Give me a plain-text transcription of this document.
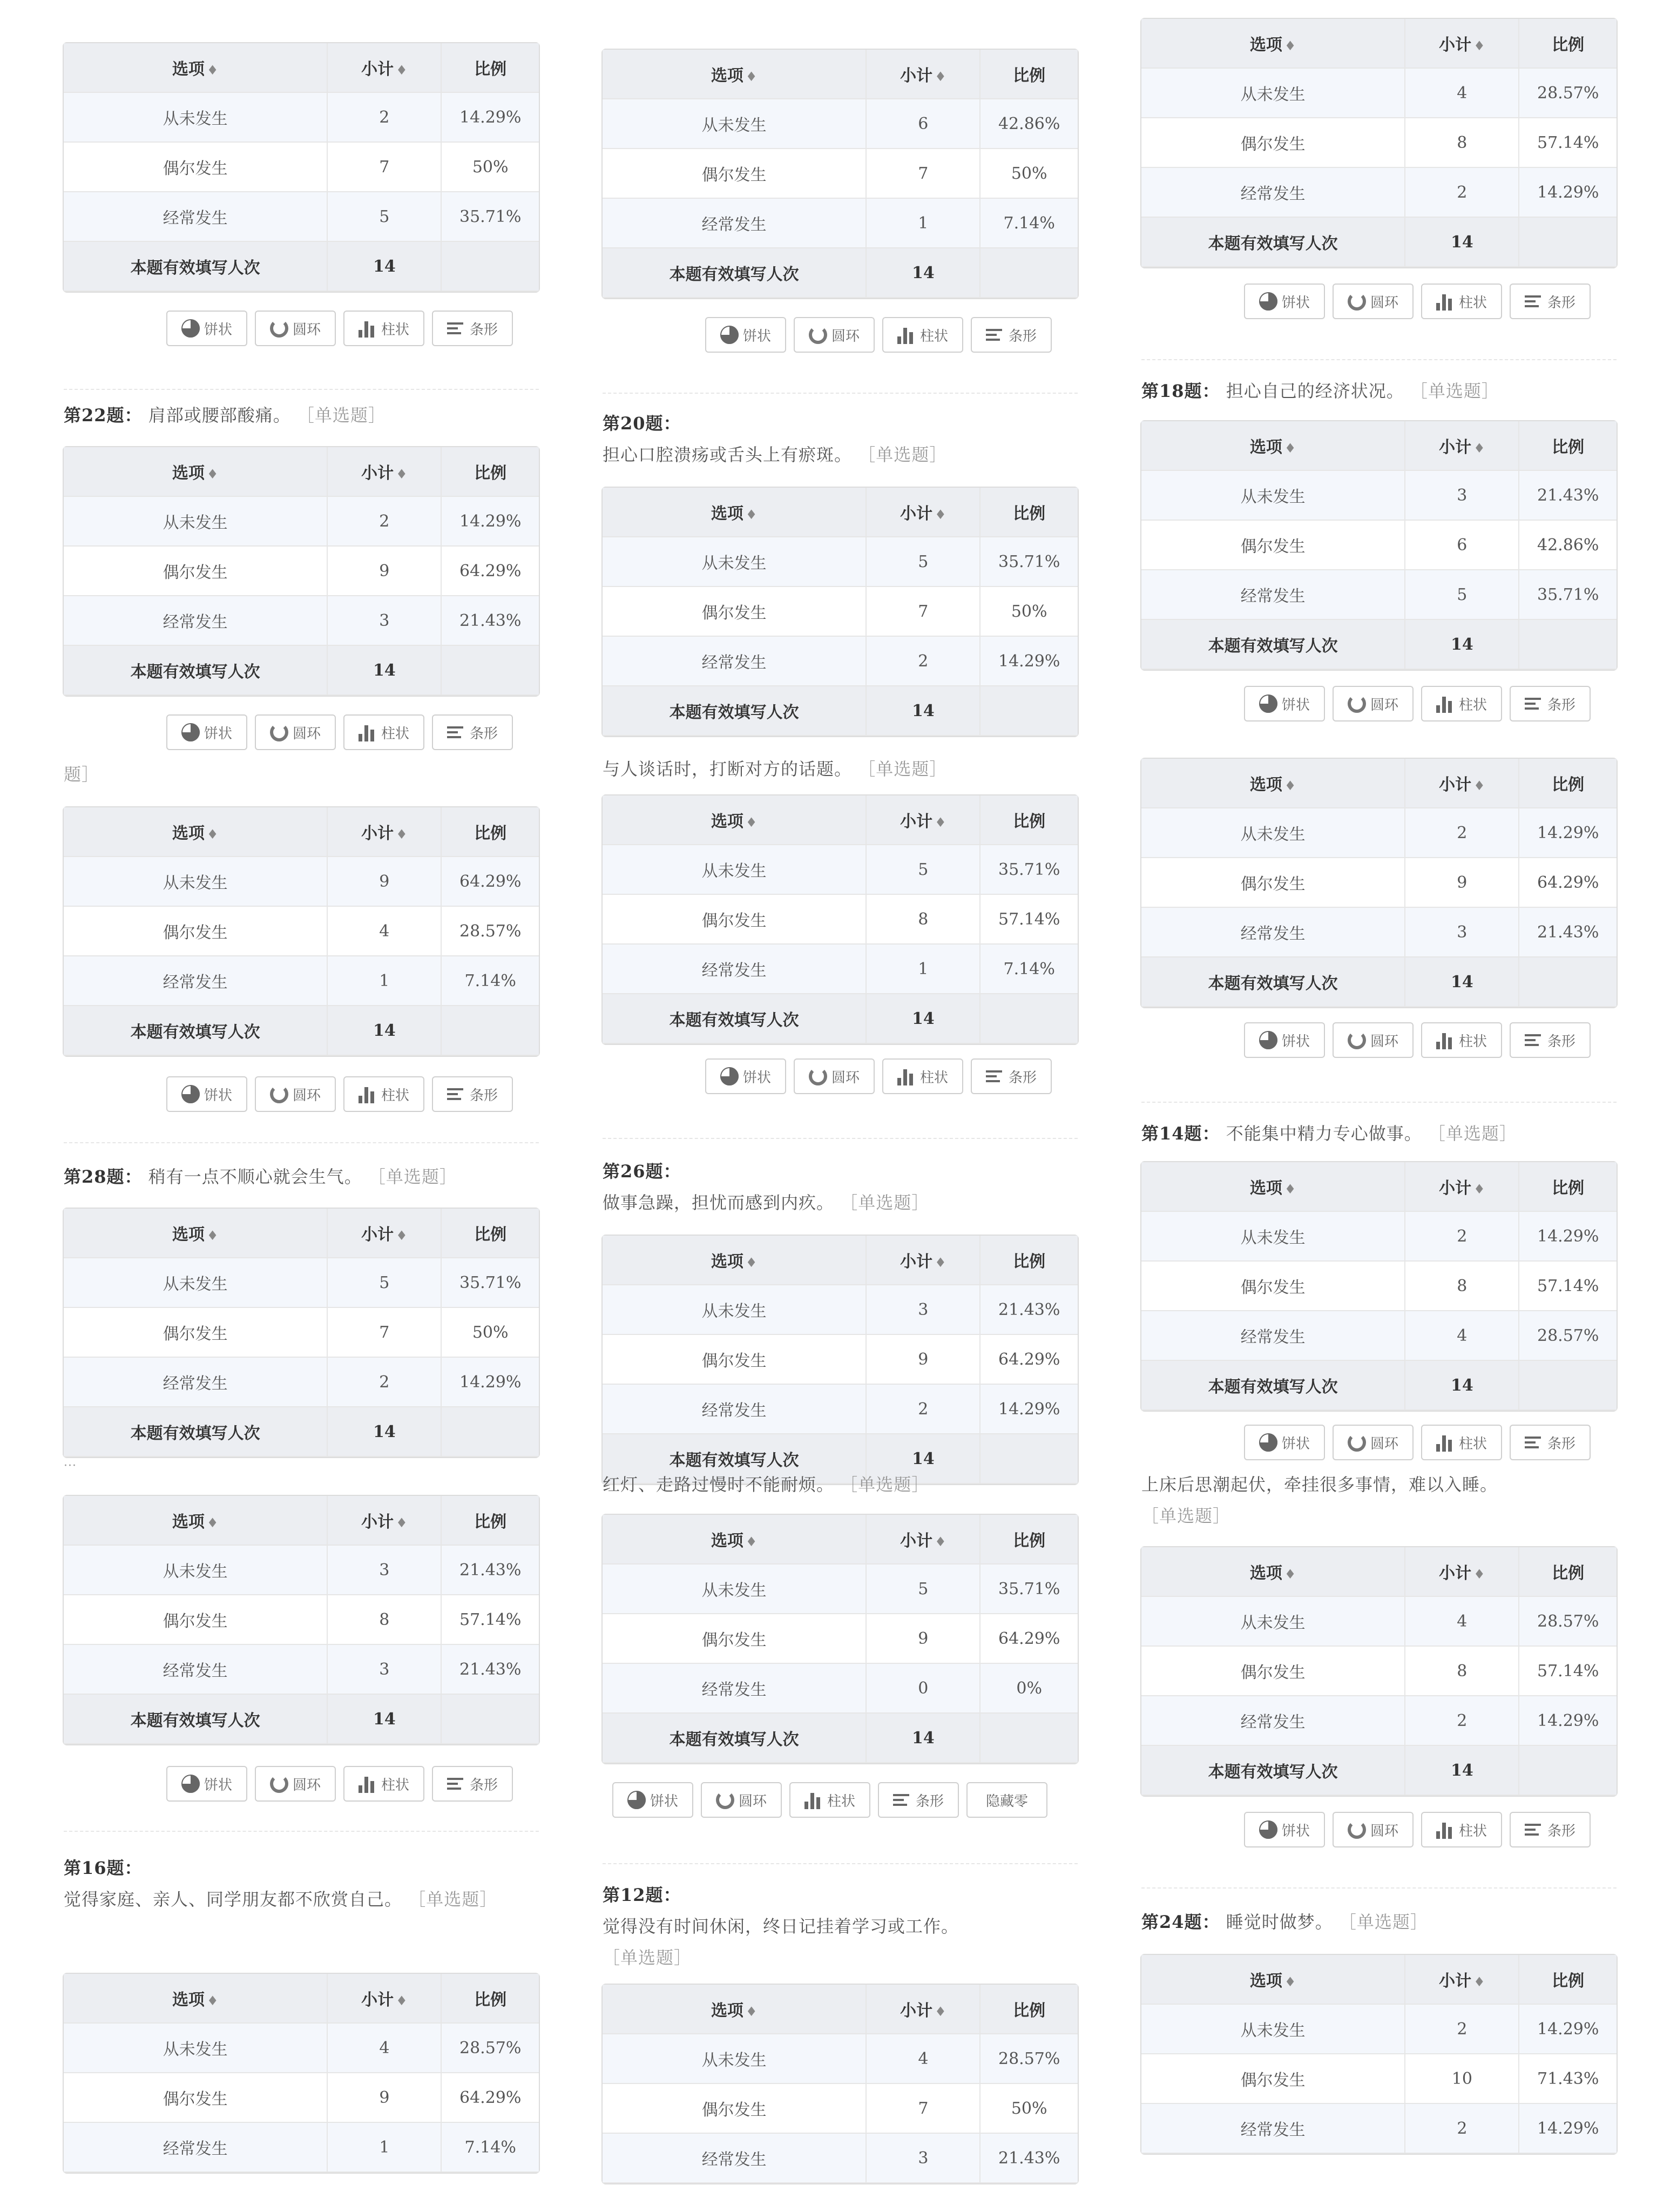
选项 ♦	小计 ♦	比例
从未发生	2	14.29%
偶尔发生	7	50%
经常发生	5	35.71%
本题有效填写人次	14	
饼状	圆环	柱状	条形
第22题： 肩部或腰部酸痛。 ［单选题］
选项 ♦	小计 ♦	比例
从未发生	2	14.29%
偶尔发生	9	64.29%
经常发生	3	21.43%
本题有效填写人次	14	
饼状	圆环	柱状	条形
题］
选项 ♦	小计 ♦	比例
从未发生	9	64.29%
偶尔发生	4	28.57%
经常发生	1	7.14%
本题有效填写人次	14	
饼状	圆环	柱状	条形
第28题： 稍有一点不顺心就会生气。 ［单选题］
选项 ♦	小计 ♦	比例
从未发生	5	35.71%
偶尔发生	7	50%
经常发生	2	14.29%
本题有效填写人次	14	
···
选项 ♦	小计 ♦	比例
从未发生	3	21.43%
偶尔发生	8	57.14%
经常发生	3	21.43%
本题有效填写人次	14	
饼状	圆环	柱状	条形
第16题：
觉得家庭、亲人、同学朋友都不欣赏自己。 ［单选题］
选项 ♦	小计 ♦	比例
从未发生	4	28.57%
偶尔发生	9	64.29%
经常发生	1	7.14%
选项 ♦	小计 ♦	比例
从未发生	6	42.86%
偶尔发生	7	50%
经常发生	1	7.14%
本题有效填写人次	14	
饼状	圆环	柱状	条形
第20题：
担心口腔溃疡或舌头上有瘀斑。 ［单选题］
选项 ♦	小计 ♦	比例
从未发生	5	35.71%
偶尔发生	7	50%
经常发生	2	14.29%
本题有效填写人次	14	
与人谈话时，打断对方的话题。 ［单选题］
选项 ♦	小计 ♦	比例
从未发生	5	35.71%
偶尔发生	8	57.14%
经常发生	1	7.14%
本题有效填写人次	14	
饼状	圆环	柱状	条形
第26题：
做事急躁，担忧而感到内疚。 ［单选题］
选项 ♦	小计 ♦	比例
从未发生	3	21.43%
偶尔发生	9	64.29%
经常发生	2	14.29%
本题有效填写人次	14	
红灯、走路过慢时不能耐烦。 ［单选题］
选项 ♦	小计 ♦	比例
从未发生	5	35.71%
偶尔发生	9	64.29%
经常发生	0	0%
本题有效填写人次	14	
饼状	圆环	柱状	条形	隐藏零
第12题：
觉得没有时间休闲，终日记挂着学习或工作。
［单选题］
选项 ♦	小计 ♦	比例
从未发生	4	28.57%
偶尔发生	7	50%
经常发生	3	21.43%
选项 ♦	小计 ♦	比例
从未发生	4	28.57%
偶尔发生	8	57.14%
经常发生	2	14.29%
本题有效填写人次	14	
饼状	圆环	柱状	条形
第18题： 担心自己的经济状况。 ［单选题］
选项 ♦	小计 ♦	比例
从未发生	3	21.43%
偶尔发生	6	42.86%
经常发生	5	35.71%
本题有效填写人次	14	
饼状	圆环	柱状	条形
选项 ♦	小计 ♦	比例
从未发生	2	14.29%
偶尔发生	9	64.29%
经常发生	3	21.43%
本题有效填写人次	14	
饼状	圆环	柱状	条形
第14题： 不能集中精力专心做事。 ［单选题］
选项 ♦	小计 ♦	比例
从未发生	2	14.29%
偶尔发生	8	57.14%
经常发生	4	28.57%
本题有效填写人次	14	
饼状	圆环	柱状	条形
上床后思潮起伏，牵挂很多事情，难以入睡。
［单选题］
选项 ♦	小计 ♦	比例
从未发生	4	28.57%
偶尔发生	8	57.14%
经常发生	2	14.29%
本题有效填写人次	14	
饼状	圆环	柱状	条形
第24题： 睡觉时做梦。 ［单选题］
选项 ♦	小计 ♦	比例
从未发生	2	14.29%
偶尔发生	10	71.43%
经常发生	2	14.29%
